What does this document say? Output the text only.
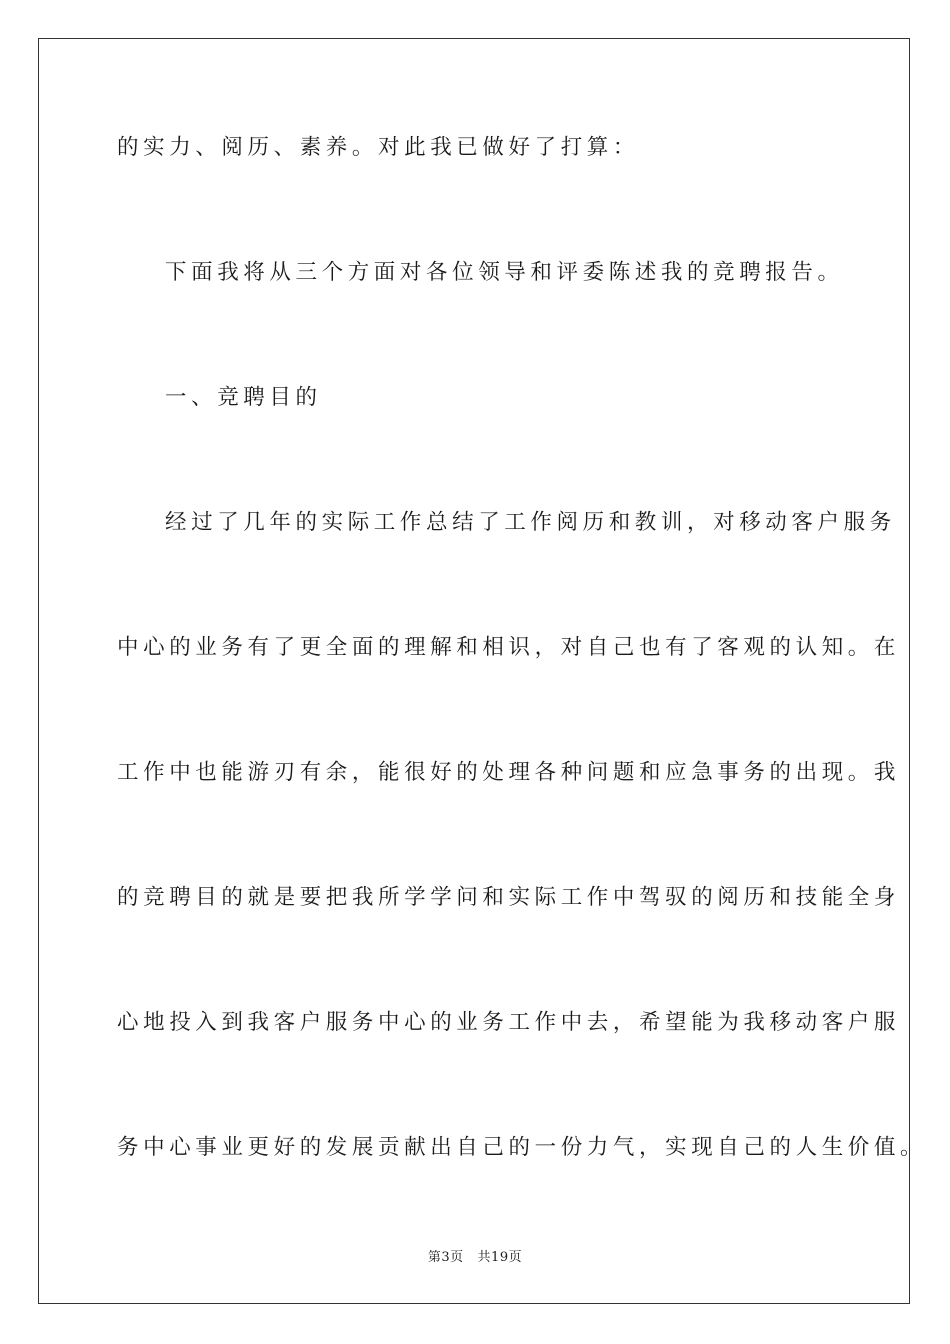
的实力、阅历、素养。对此我已做好了打算：
下面我将从三个方面对各位领导和评委陈述我的竞聘报告。
一、竞聘目的
经过了几年的实际工作总结了工作阅历和教训，对移动客户服务
中心的业务有了更全面的理解和相识，对自己也有了客观的认知。在
工作中也能游刃有余，能很好的处理各种问题和应急事务的出现。我
的竞聘目的就是要把我所学学问和实际工作中驾驭的阅历和技能全身
心地投入到我客户服务中心的业务工作中去，希望能为我移动客户服
务中心事业更好的发展贡献出自己的一份力气，实现自己的人生价值。
第3页   共19页
